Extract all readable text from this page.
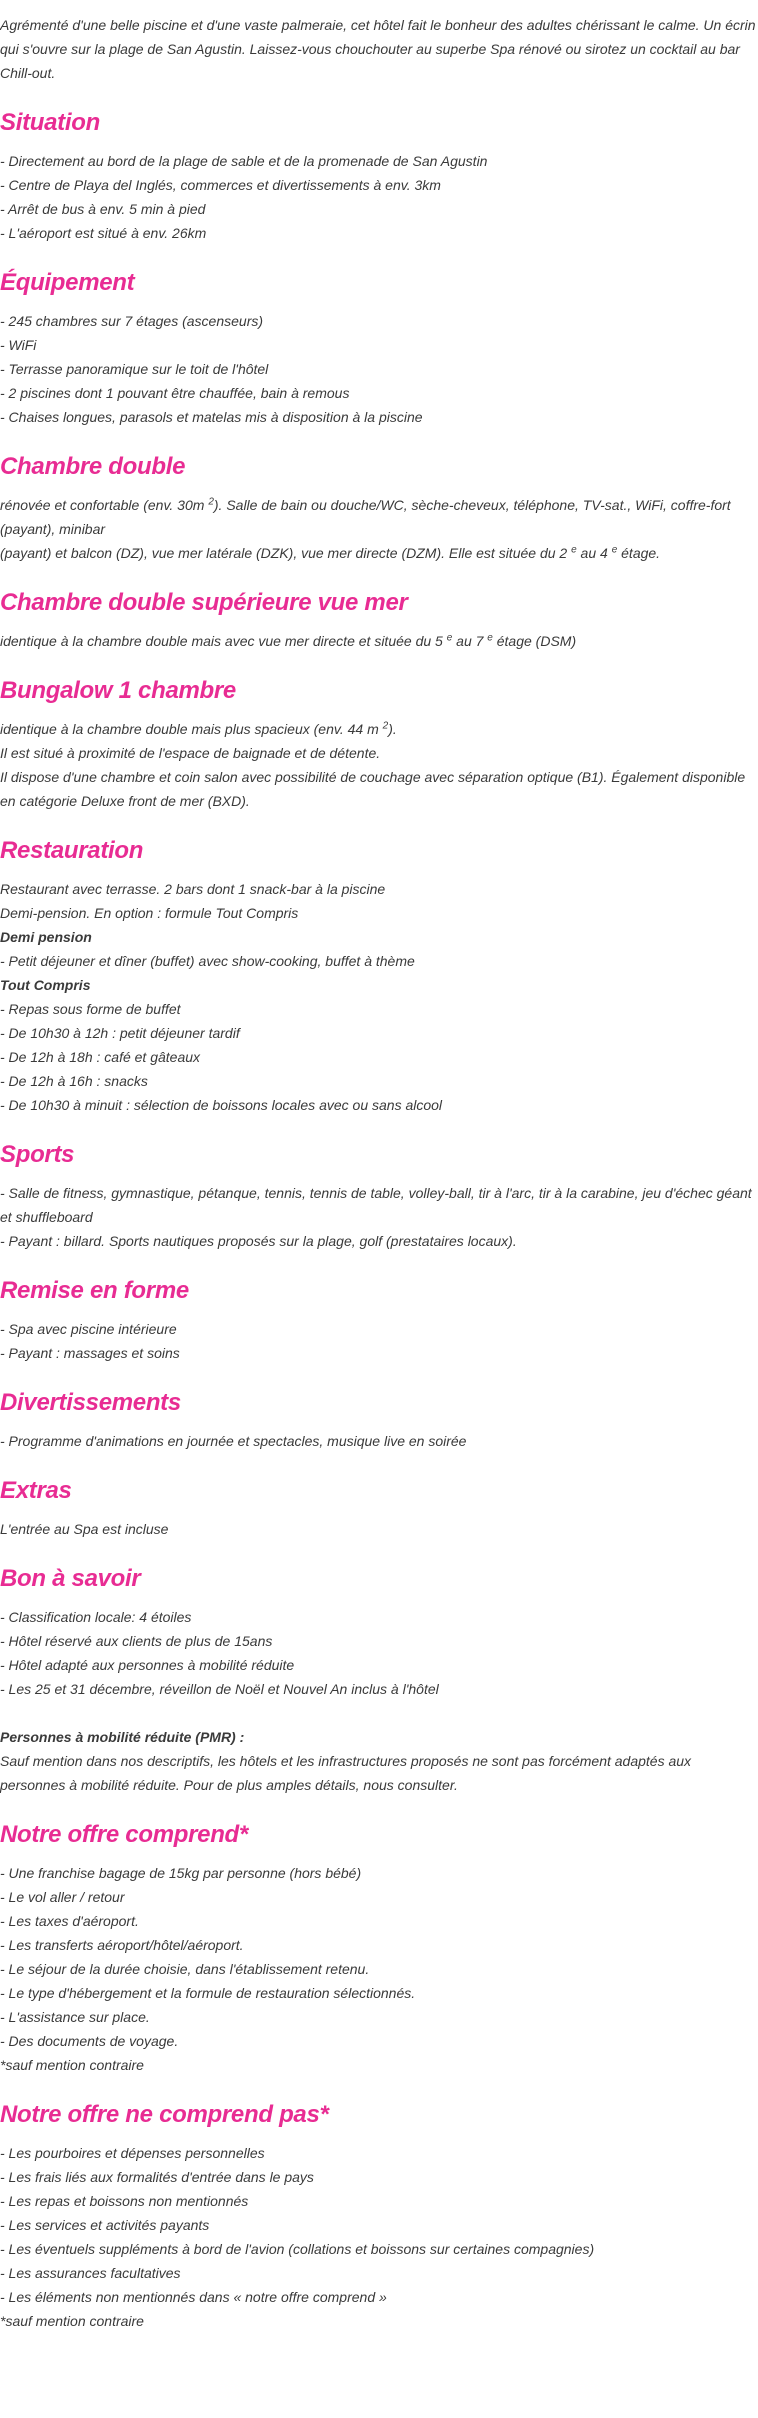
Agrémenté d'une belle piscine et d'une vaste palmeraie, cet hôtel fait le bonheur des adultes chérissant le calme. Un écrin qui s'ouvre sur la plage de San Agustin. Laissez-vous chouchouter au superbe Spa rénové ou sirotez un cocktail au bar Chill-out.

Situation

- Directement au bord de la plage de sable et de la promenade de San Agustin

- Centre de Playa del Inglés, commerces et divertissements à env. 3km

- Arrêt de bus à env. 5 min à pied

- L'aéroport est situé à env. 26km

Équipement

- 245 chambres sur 7 étages (ascenseurs)

- WiFi

- Terrasse panoramique sur le toit de l'hôtel

- 2 piscines dont 1 pouvant être chauffée, bain à remous

- Chaises longues, parasols et matelas mis à disposition à la piscine

Chambre double

rénovée et confortable (env. 30m $^2$). Salle de bain ou douche/WC, sèche-cheveux, téléphone, TV-sat., WiFi, coffre-fort (payant), minibar

(payant) et balcon (DZ), vue mer latérale (DZK), vue mer directe (DZM). Elle est située du 2 $^e$ au 4 $^e$ étage.

Chambre double supérieure vue mer

identique à la chambre double mais avec vue mer directe et située du 5 $^e$ au 7 $^e$ étage (DSM)

Bungalow 1 chambre

identique à la chambre double mais plus spacieux (env. 44 m $^2$).

Il est situé à proximité de l'espace de baignade et de détente.

Il dispose d'une chambre et coin salon avec possibilité de couchage avec séparation optique (B1). Également disponible en catégorie Deluxe front de mer (BXD).

Restauration

Restaurant avec terrasse. 2 bars dont 1 snack-bar à la piscine

Demi-pension. En option : formule Tout Compris

Demi pension

- Petit déjeuner et dîner (buffet) avec show-cooking, buffet à thème

Tout Compris

- Repas sous forme de buffet

- De 10h30 à 12h : petit déjeuner tardif

- De 12h à 18h : café et gâteaux

- De 12h à 16h : snacks

- De 10h30 à minuit : sélection de boissons locales avec ou sans alcool

Sports

- Salle de fitness, gymnastique, pétanque, tennis, tennis de table, volley-ball, tir à l'arc, tir à la carabine, jeu d'échec géant et shuffleboard

- Payant : billard. Sports nautiques proposés sur la plage, golf (prestataires locaux).

Remise en forme

- Spa avec piscine intérieure

- Payant : massages et soins

Divertissements

- Programme d'animations en journée et spectacles, musique live en soirée

Extras

L'entrée au Spa est incluse

Bon à savoir

- Classification locale: 4 étoiles

- Hôtel réservé aux clients de plus de 15ans

- Hôtel adapté aux personnes à mobilité réduite

- Les 25 et 31 décembre, réveillon de Noël et Nouvel An inclus à l'hôtel

Personnes à mobilité réduite (PMR) :

Sauf mention dans nos descriptifs, les hôtels et les infrastructures proposés ne sont pas forcément adaptés aux personnes à mobilité réduite. Pour de plus amples détails, nous consulter.

Notre offre comprend*

- Une franchise bagage de 15kg par personne (hors bébé)

- Le vol aller / retour

- Les taxes d'aéroport.

- Les transferts aéroport/hôtel/aéroport.

- Le séjour de la durée choisie, dans l'établissement retenu.

- Le type d'hébergement et la formule de restauration sélectionnés.

- L'assistance sur place.

- Des documents de voyage.

*sauf mention contraire

Notre offre ne comprend pas*

- Les pourboires et dépenses personnelles

- Les frais liés aux formalités d'entrée dans le pays

- Les repas et boissons non mentionnés

- Les services et activités payants

- Les éventuels suppléments à bord de l'avion (collations et boissons sur certaines compagnies)

- Les assurances facultatives

- Les éléments non mentionnés dans « notre offre comprend »

*sauf mention contraire
